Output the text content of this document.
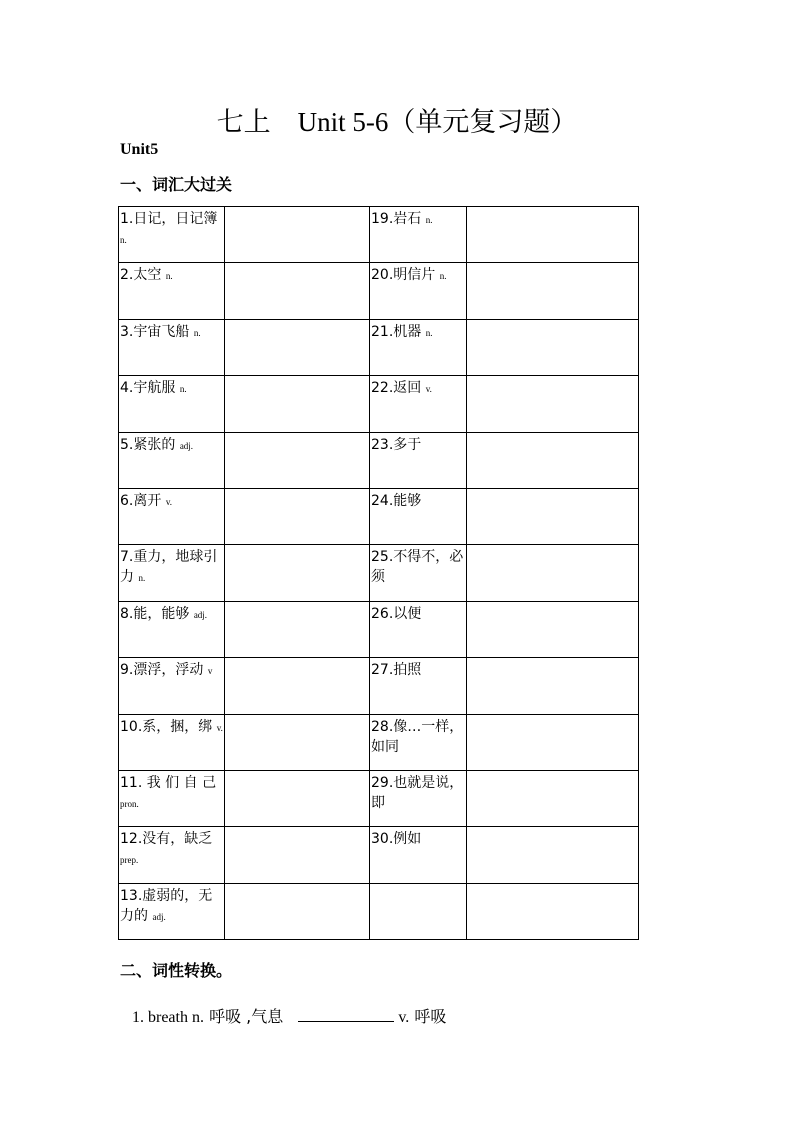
七上　Unit 5-6（单元复习题）
Unit5
一、词汇大过关
1.日记，日记簿 n.		19.岩石 n.	
2.太空 n.		20.明信片 n.	
3.宇宙飞船 n.		21.机器 n.	
4.宇航服 n.		22.返回 v.	
5.紧张的 adj.		23.多于	
6.离开 v.		24.能够	
7.重力，地球引力 n.		25.不得不，必须	
8.能，能够 adj.		26.以便	
9.漂浮，浮动 v		27.拍照	
10.系，捆，绑 v.		28.像…一样，如同	
11. 我 们 自 己 pron.		29.也就是说，即	
12.没有，缺乏 prep.		30.例如	
13.虚弱的，无力的 adj.			
二、词性转换。
1. breath n. 呼吸 ,气息	v. 呼吸
